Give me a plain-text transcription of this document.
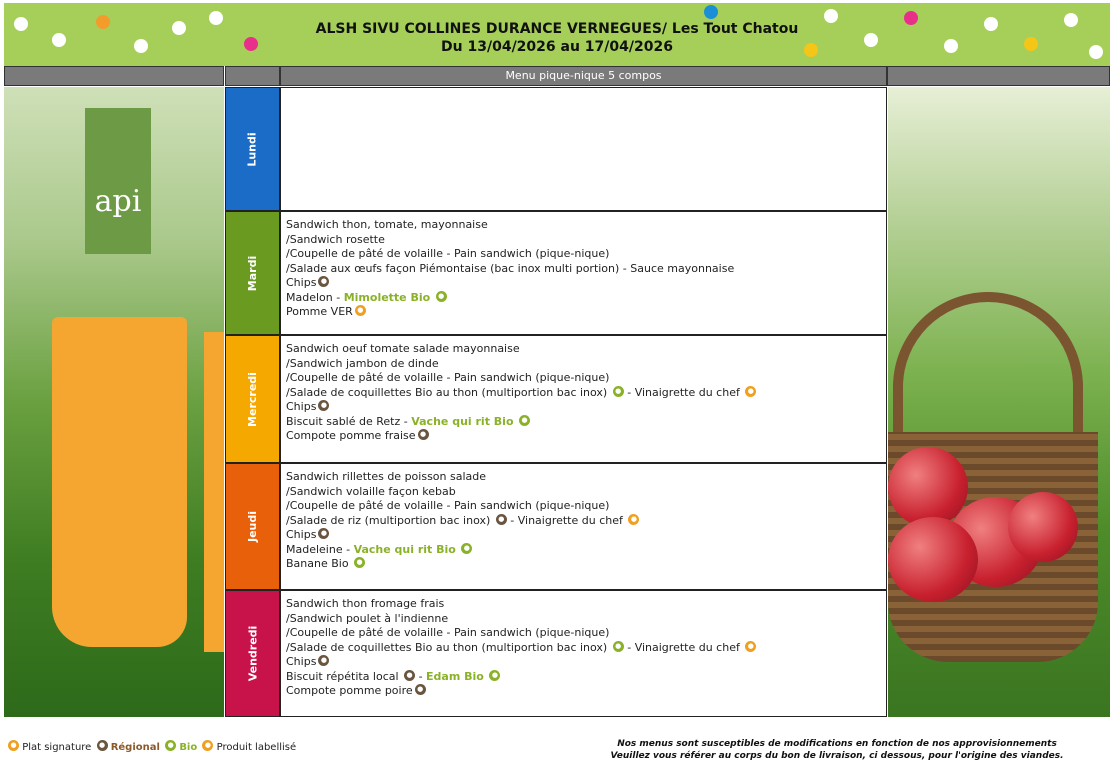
ALSH SIVU COLLINES DURANCE VERNEGUES/ Les Tout Chatou
Du 13/04/2026 au 17/04/2026
Menu pique-nique 5 compos
api
Lundi
Mardi
Sandwich thon, tomate, mayonnaise
/Sandwich rosette
/Coupelle de pâté de volaille - Pain sandwich (pique-nique)
/Salade aux œufs façon Piémontaise (bac inox multi portion) - Sauce mayonnaise
Chips ●
Madelon - Mimolette Bio ●
Pomme VER ●
Mercredi
Sandwich oeuf tomate salade mayonnaise
/Sandwich jambon de dinde
/Coupelle de pâté de volaille - Pain sandwich (pique-nique)
/Salade de coquillettes Bio au thon (multiportion bac inox) ● - Vinaigrette du chef ●
Chips ●
Biscuit sablé de Retz - Vache qui rit Bio ●
Compote pomme fraise ●
Jeudi
Sandwich rillettes de poisson salade
/Sandwich volaille façon kebab
/Coupelle de pâté de volaille - Pain sandwich (pique-nique)
/Salade de riz (multiportion bac inox) ● - Vinaigrette du chef ●
Chips ●
Madeleine - Vache qui rit Bio ●
Banane Bio ●
Vendredi
Sandwich thon fromage frais
/Sandwich poulet à l'indienne
/Coupelle de pâté de volaille - Pain sandwich (pique-nique)
/Salade de coquillettes Bio au thon (multiportion bac inox) ● - Vinaigrette du chef ●
Chips ●
Biscuit répétita local ● - Edam Bio ●
Compote pomme poire ●
● Plat signature ● Régional ● Bio ● Produit labellisé	Nos menus sont susceptibles de modifications en fonction de nos approvisionnements
Veuillez vous référer au corps du bon de livraison, ci dessous, pour l'origine des viandes.
